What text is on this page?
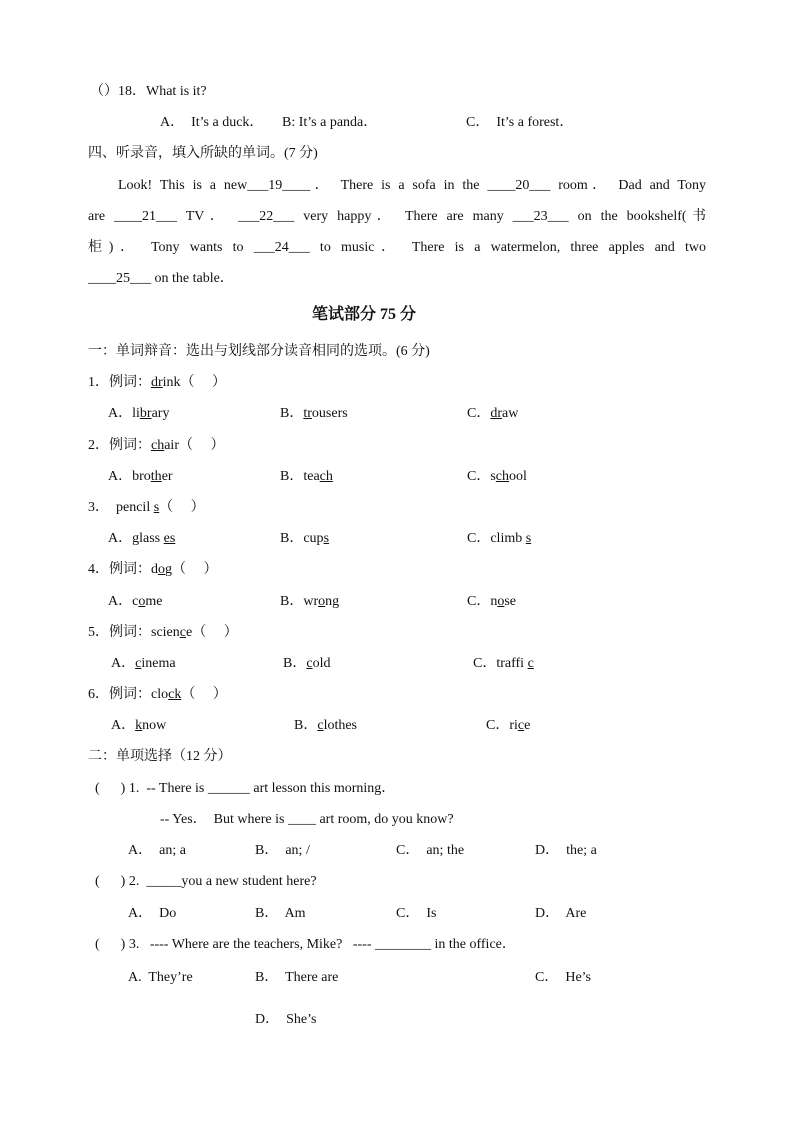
（）18．What is it?
A．  It’s a duck． B: It’s a panda．	C．  It’s a forest．
四、听录音，填入所缺的单词。(7 分)
Look! This is a new___19____． There is a sofa in the ____20___ room． Dad and Tony
are ____21___ TV． ___22___ very happy． There are many ___23___ on the bookshelf(书
柜)． Tony wants to ___24___ to music． There is a watermelon, three apples and two
____25___ on the table．
笔试部分 75 分
一：单词辩音：选出与划线部分读音相同的选项。(6 分)
1．例词：drink（     ）
A．library	B．trousers	C．draw
2．例词：chair（     ）
A．brother	B．teach	C．school
3．  pencil s（     ）
A．glass es	B．cups	C．climb s
4．例词：dog（     ）
A．come	B．wrong	C．nose
5．例词：science（     ）
A．cinema	B．cold	C．traffi c
6．例词：clock（     ）
A．know	B．clothes	C．rice
二：单项选择（12 分）
(      ) 1.  -- There is ______ art lesson this morning．
-- Yes．  But where is ____ art room, do you know?
A．  an; a	B．  an; /	C．  an; the	D．  the; a
(      ) 2.  _____you a new student here?
A．  Do	B．  Am	C．  Is	D．  Are
(      ) 3.   ---- Where are the teachers, Mike?   ---- ________ in the office．
A.  They’re	B．  There are	C．  He’s
D．  She’s
